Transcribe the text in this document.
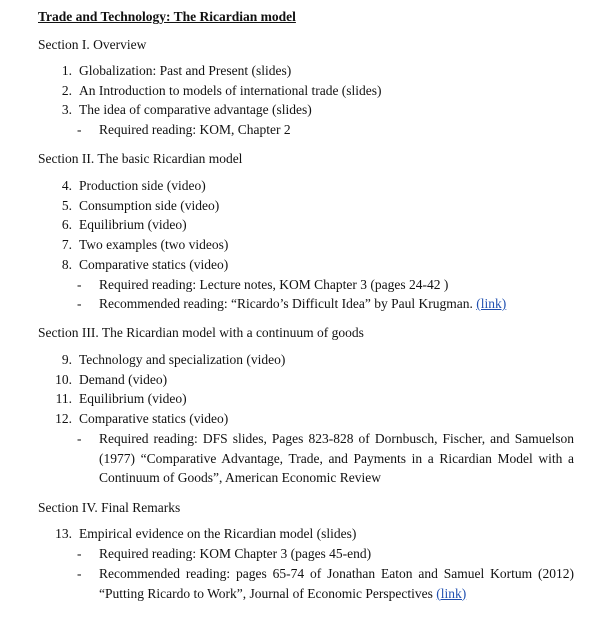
Trade and Technology: The Ricardian model
Section I. Overview
1. Globalization: Past and Present (slides)
2. An Introduction to models of international trade (slides)
3. The idea of comparative advantage (slides)
- Required reading: KOM, Chapter 2
Section II. The basic Ricardian model
4. Production side (video)
5. Consumption side (video)
6. Equilibrium (video)
7. Two examples (two videos)
8. Comparative statics (video)
- Required reading: Lecture notes, KOM Chapter 3 (pages 24-42 )
- Recommended reading: “Ricardo’s Difficult Idea” by Paul Krugman. (link)
Section III. The Ricardian model with a continuum of goods
9. Technology and specialization (video)
10. Demand (video)
11. Equilibrium (video)
12. Comparative statics (video)
- Required reading: DFS slides, Pages 823-828 of Dornbusch, Fischer, and Samuelson (1977) “Comparative Advantage, Trade, and Payments in a Ricardian Model with a Continuum of Goods”, American Economic Review
Section IV. Final Remarks
13. Empirical evidence on the Ricardian model (slides)
- Required reading: KOM Chapter 3 (pages 45-end)
- Recommended reading: pages 65-74 of Jonathan Eaton and Samuel Kortum (2012) “Putting Ricardo to Work”, Journal of Economic Perspectives (link)
